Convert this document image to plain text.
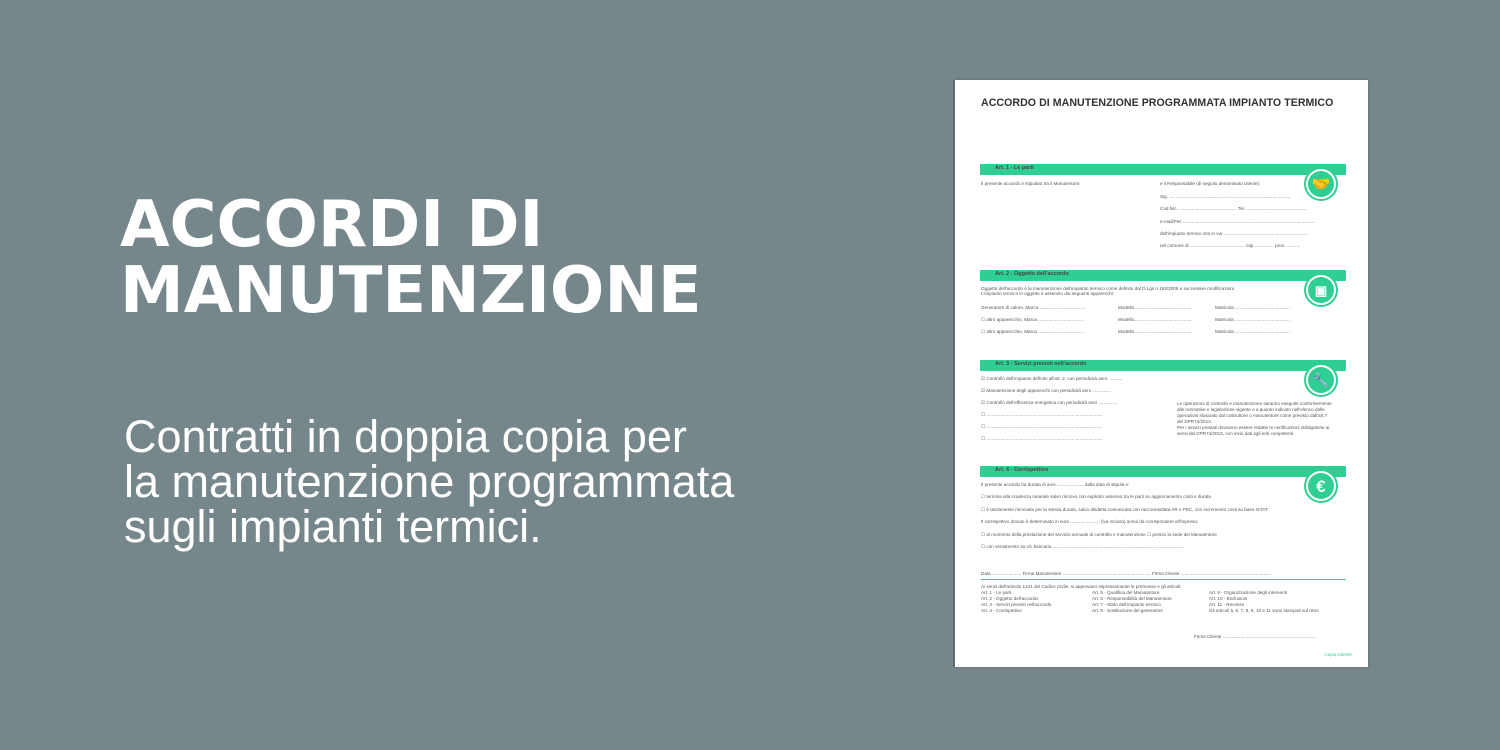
ACCORDI DI
MANUTENZIONE
Contratti in doppia copia per
la manutenzione programmata
sugli impianti termici.
ACCORDO DI MANUTENZIONE PROGRAMMATA IMPIANTO TERMICO
Art. 1 - Le parti
🤝
Il presente accordo è stipulato tra il Manutentore:	e il Responsabile (di seguito denominato Utente):
Sig. ...............................................................................................
Cod.fisc. ............................................. Tel. ...............................................
e-mail/Pec .......................................................................................................
dell'impianto termico sito in via ..................................................................
nel comune di ........................................... cap ............... prov. ...........
Art. 2 - Oggetto dell'accordo
▣
Oggetto dell'accordo è la manutenzione dell'impianto termico come definito dal D.Lgs n.192/2005 e successive modificazioni.
L'impianto termico in oggetto è asservito dai seguenti apparecchi:
Generatore di calore, Marca ....................................	Modello.............................................	Matricola ...........................................
☐ altro apparecchio, Marca ....................................	Modello.............................................	Matricola ...........................................
☐ altro apparecchio, Marca ....................................	Modello.............................................	Matricola ...........................................
Art. 3 - Servizi previsti nell'accordo
🔧
☑ Controllo dell'impianto definito all'art. 2, con periodicità anni ...........
☑ Manutenzione degli apparecchi con periodicità anni ...............
☑ Controllo dell'efficienza energetica con periodicità anni ...............
☐ ...........................................................................................
☐ ...........................................................................................
☐ ...........................................................................................
Le operazioni di controllo e manutenzione saranno eseguite conformemente
alle normative e legislazione vigente e a quanto indicato nell'elenco delle
operazioni rilasciato dal costruttore o manutentore come previsto dall'art.7
del DPR74/2013.
Per i servizi prestati dovranno essere redatte le certificazioni obbligatorie ai
sensi del DPR74/2013, con invio dati agli enti competenti.
Art. 4 - Corrispettivo
€
Il presente accordo ha durata di anni ..................... dalla data di stipula e:
☐ termina alla scadenza naturale salvo rinnovo con esplicito assenso tra le parti su aggiornamento costi e durata
☐ è tacitamente rinnovato per la stessa durata, salvo disdetta comunicata con raccomandata AR o PEC, con incremento costi su base ISTAT.
Il corrispettivo dovuto è determinato in euro ....................... (iva inclusa) annui da corrispondere all'impresa:
☐ al momento della prestazione del servizio annuale di controllo e manutenzione ☐ presso la sede del Manutentore
☐ con versamento su c/c bancario .......................................................................................................
Data ....................... Firma Manutentore ..................................................................... Firma Cliente .......................................................................
Ai sensi dell'articolo 1341 del Codice Civile, si approvano espressamente le premesse e gli articoli:
Art. 1 - Le parti
Art. 2 - Oggetto dell'accordo
Art. 3 - Servizi previsti nell'accordo
Art. 4 - Corrispettivo
Art. 5 - Qualifica del Manutentore
Art. 6 - Responsabilità del Manutentore
Art. 7 - Stato dell'impianto termico
Art. 8 - Sostituzione del generatore
Art. 9 - Organizzazione degli interventi
Art. 10 - Esclusioni
Art. 11 - Recesso
Gli articoli 5, 6, 7, 8, 9, 10 e 11 sono stampati sul retro
Firma Cliente .........................................................................
Copia Cliente
